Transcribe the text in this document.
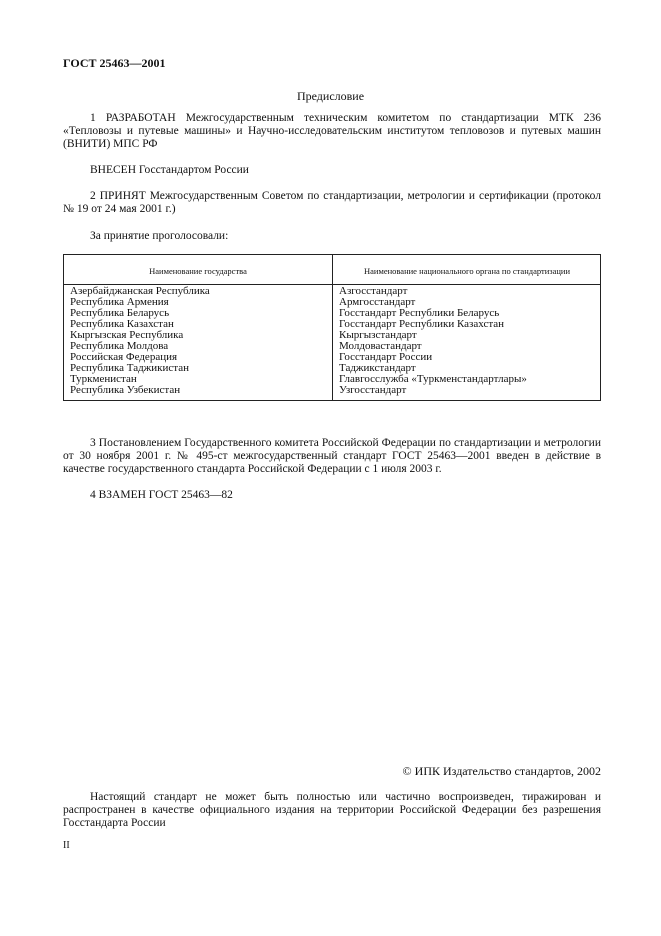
ГОСТ 25463—2001
Предисловие
1 РАЗРАБОТАН Межгосударственным техническим комитетом по стандартизации МТК 236 «Тепловозы и путевые машины» и Научно-исследовательским институтом тепловозов и путевых машин (ВНИТИ) МПС РФ
ВНЕСЕН Госстандартом России
2 ПРИНЯТ Межгосударственным Советом по стандартизации, метрологии и сертификации (протокол № 19 от 24 мая 2001 г.)
За принятие проголосовали:
Наименование государства	Наименование национального органа по стандартизации
Азербайджанская Республика
Республика Армения
Республика Беларусь
Республика Казахстан
Кыргызская Республика
Республика Молдова
Российская Федерация
Республика Таджикистан
Туркменистан
Республика Узбекистан
Азгосстандарт
Армгосстандарт
Госстандарт Республики Беларусь
Госстандарт Республики Казахстан
Кыргызстандарт
Молдовастандарт
Госстандарт России
Таджикстандарт
Главгосслужба «Туркменстандартлары»
Узгосстандарт
3 Постановлением Государственного комитета Российской Федерации по стандартизации и метрологии от 30 ноября 2001 г. № 495-ст межгосударственный стандарт ГОСТ 25463—2001 введен в действие в качестве государственного стандарта Российской Федерации с 1 июля 2003 г.
4 ВЗАМЕН ГОСТ 25463—82
© ИПК Издательство стандартов, 2002
Настоящий стандарт не может быть полностью или частично воспроизведен, тиражирован и распространен в качестве официального издания на территории Российской Федерации без разрешения Госстандарта России
II
